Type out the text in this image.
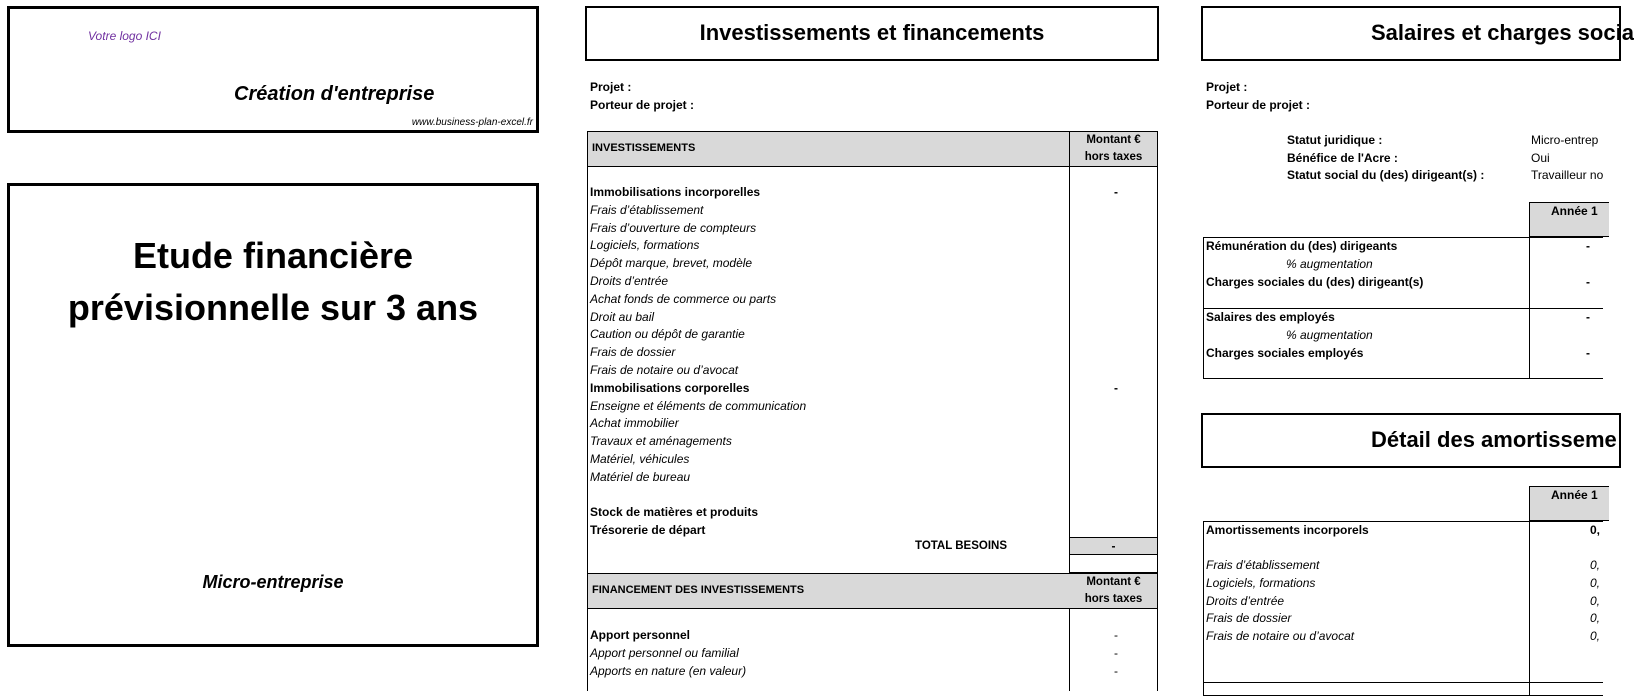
Votre logo ICI
Création d'entreprise
www.business-plan-excel.fr
Etude financière
prévisionnelle sur 3 ans
Micro-entreprise
Investissements et financements
Projet :
Porteur de projet :
INVESTISSEMENTS
Montant €
hors taxes
Immobilisations incorporelles	-
Frais d’établissement
Frais d’ouverture de compteurs
Logiciels, formations
Dépôt marque, brevet, modèle
Droits d’entrée
Achat fonds de commerce ou parts
Droit au bail
Caution ou dépôt de garantie
Frais de dossier
Frais de notaire ou d’avocat
Immobilisations corporelles	-
Enseigne et éléments de communication
Achat immobilier
Travaux et aménagements
Matériel, véhicules
Matériel de bureau
Stock de matières et produits
Trésorerie de départ
TOTAL BESOINS	-
FINANCEMENT DES INVESTISSEMENTS
Montant €
hors taxes
Apport personnel	-
Apport personnel ou familial	-
Apports en nature (en valeur)	-
Salaires et charges socia
Projet :
Porteur de projet :
Statut juridique :	Micro-entrep
Bénéfice de l'Acre :	Oui
Statut social du (des) dirigeant(s) :	Travailleur no
Année 1
Rémunération du (des) dirigeants	-
% augmentation
Charges sociales du (des) dirigeant(s)	-
Salaires des employés	-
% augmentation
Charges sociales employés	-
Détail des amortisseme
Année 1
Amortissements incorporels	0,
Frais d’établissement	0,
Logiciels, formations	0,
Droits d’entrée	0,
Frais de dossier	0,
Frais de notaire ou d’avocat	0,
